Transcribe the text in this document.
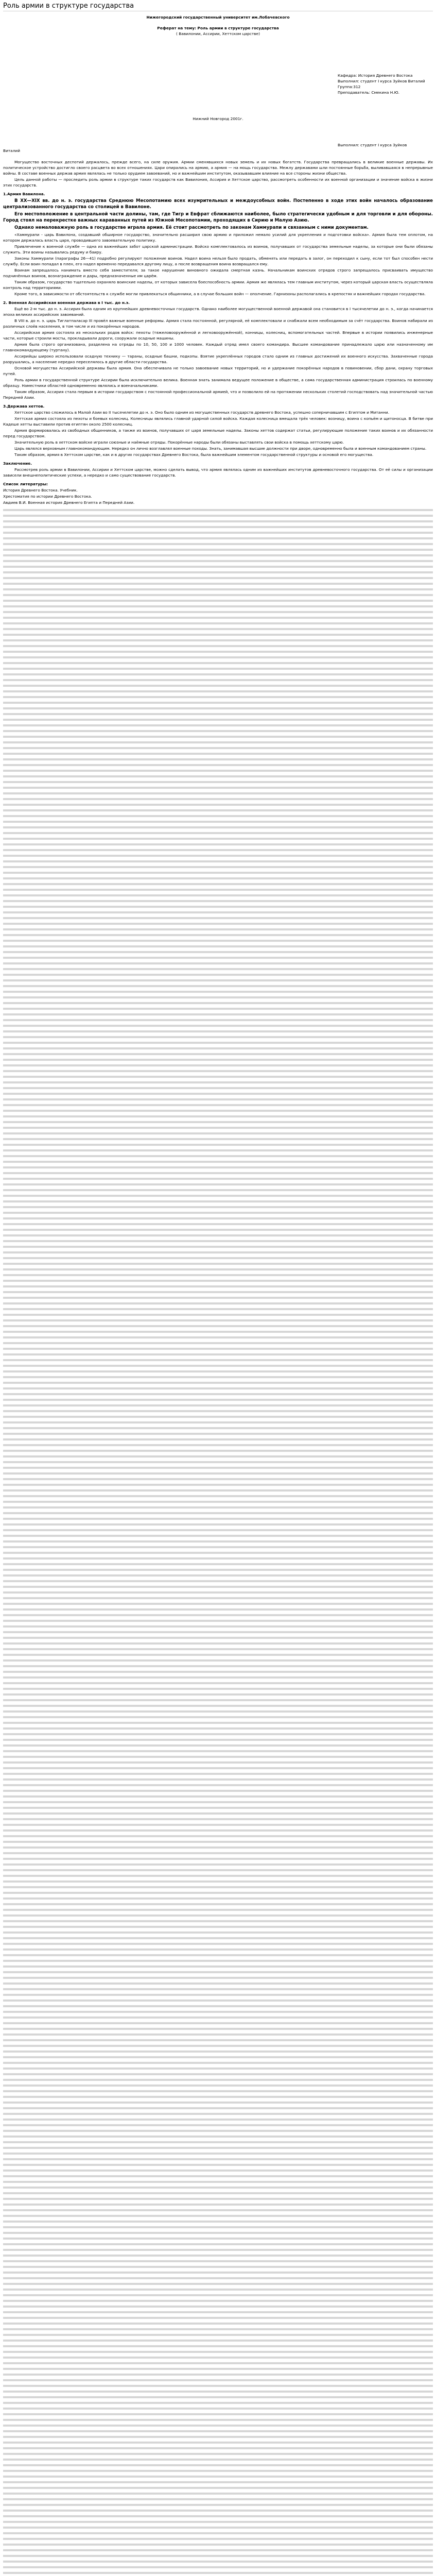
Роль армии в структуре государства
Нижегородский государственный университет им.Лобачевского
Реферат на тему: Роль армии в структуре государства
( Вавилонии, Ассирии, Хеттском царстве)
Кафедра: История Древнего Востока
Выполнил: студент I курса Зуйков Виталий
Группа:312
Преподаватель: Смекина Н.Ю.
Нижний Новгород 2001г.
Выполнил: студент I курса Зуйков
Виталий

Могущество восточных деспотий держалось, прежде всего, на силе оружия. Армии сменявшихся новых земель и их новых богатств. Государства превращались в великие военные державы. Их политическое устройство достигло своего расцвета во всех отношениях. Цари опирались на армию, а армия — на мощь государства. Межлу державами шли постоянные борьба, выливавшаяся в непрерывные войны. В составе военных держав армия являлась не только орудием завоеваний, но и важнейшим институтом, оказывавшим влияние на все стороны жизни общества.

Цель данной работы — проследить роль армии в структуре таких государств как Вавилония, Ассирия и Хеттское царство, рассмотреть особенности их военной организации и значение войска в жизни этих государств.

1.Армия Вавилона.

В XX—XIX вв. до н. э. государства Среднюю Месопотамию всех изумрительных и междоусобных войн. Постепенно в ходе этих войн началось образование централизованного государства со столицей в Вавилоне.

Его местоположение в центральной части долины, там, где Тигр и Евфрат сближаются наиболее, было стратегически удобным и для торговли и для обороны. Город стоял на перекрестке важных караванных путей из Южной Месопотамии, проходящих в Сирию и Малую Азию.

Однако немаловажную роль в государстве играла армия. Её стоит рассмотреть по законам Хаммурапи и связанным с ними документам.

«Хаммурапи - царь Вавилона, создавший обширное государство, значительно расширил свою армию и приложил немало усилий для укрепления и подготовки войска». Армия была тем оплотом, на котором держалась власть царя, проводившего завоевательную политику.

Привлечение к военной службе — одна из важнейших забот царской администрации. Войско комплектовалось из воинов, получавших от государства земельные наделы, за которые они были обязаны служить. Эти воины назывались редуму и баиру.

Законы Хаммурапи (параграфы 26—41) подробно регулируют положение воинов. Надел воина нельзя было продать, обменять или передать в залог, он переходил к сыну, если тот был способен нести службу. Если воин попадал в плен, его надел временно передавался другому лицу, а после возвращения воина возвращался ему.

Воинам запрещалось нанимать вместо себя заместителя; за такое нарушение виновного ожидала смертная казнь. Начальникам воинских отрядов строго запрещалось присваивать имущество подчинённых воинов, вознаграждение и дары, предназначенные им царём.

Таким образом, государство тщательно охраняло воинские наделы, от которых зависела боеспособность армии. Армия же являлась тем главным институтом, через который царская власть осуществляла контроль над территориями.

Кроме того, в зависимости от обстоятельств к службе могли привлекаться общинники, а в случае больших войн — ополчение. Гарнизоны располагались в крепостях и важнейших городах государства.

2. Военная Ассирийская военная держава в I тыс. до н.э.

Ещё во 2-м тыс. до н. э. Ассирия была одним из крупнейших древневосточных государств. Однако наиболее могущественной военной державой она становится в I тысячелетии до н. э., когда начинается эпоха великих ассирийских завоеваний.

В VIII в. до н. э. царь Тиглатпаласар III провёл важные военные реформы. Армия стала постоянной, регулярной, её комплектовали и снабжали всем необходимым за счёт государства. Воинов набирали из различных слоёв населения, в том числе и из покорённых народов.

Ассирийская армия состояла из нескольких родов войск: пехоты (тяжеловооружённой и легковооружённой), конницы, колесниц, вспомогательных частей. Впервые в истории появились инженерные части, которые строили мосты, прокладывали дороги, сооружали осадные машины.

Армия была строго организована, разделена на отряды по 10, 50, 100 и 1000 человек. Каждый отряд имел своего командира. Высшее командование принадлежало царю или назначенному им главнокомандующему (туртану).

Ассирийцы широко использовали осадную технику — тараны, осадные башни, подкопы. Взятие укреплённых городов стало одним из главных достижений их военного искусства. Захваченные города разрушались, а население нередко переселялось в другие области государства.

Основой могущества Ассирийской державы была армия. Она обеспечивала не только завоевание новых территорий, но и удержание покорённых народов в повиновении, сбор дани, охрану торговых путей.

Роль армии в государственной структуре Ассирии была исключительно велика. Военная знать занимала ведущее положение в обществе, а сама государственная администрация строилась по военному образцу. Наместники областей одновременно являлись и военачальниками.

Таким образом, Ассирия стала первым в истории государством с постоянной профессиональной армией, что и позволило ей на протяжении нескольких столетий господствовать над значительной частью Передней Азии.

3.Держава хеттов.

Хеттское царство сложилось в Малой Азии во II тысячелетии до н. э. Оно было одним из могущественных государств древнего Востока, успешно соперничавшим с Египтом и Митанни.

Хеттская армия состояла из пехоты и боевых колесниц. Колесницы являлись главной ударной силой войска. Каждая колесница вмещала трёх человек: возницу, воина с копьём и щитоносца. В битве при Кадеше хетты выставили против египтян около 2500 колесниц.

Армия формировалась из свободных общинников, а также из воинов, получавших от царя земельные наделы. Законы хеттов содержат статьи, регулирующие положение таких воинов и их обязанности перед государством.

Значительную роль в хеттском войске играли союзные и наёмные отряды. Покорённые народы были обязаны выставлять свои войска в помощь хеттскому царю.

Царь являлся верховным главнокомандующим. Нередко он лично возглавлял военные походы. Знать, занимавшая высшие должности при дворе, одновременно была и военным командованием страны.

Таким образом, армия в Хеттском царстве, как и в других государствах Древнего Востока, была важнейшим элементом государственной структуры и основой его могущества.

Заключение.

Рассмотрев роль армии в Вавилонии, Ассирии и Хеттском царстве, можно сделать вывод, что армия являлась одним из важнейших институтов древневосточного государства. От её силы и организации зависели внешнеполитические успехи, а нередко и само существование государств.

Список литературы:

История Древнего Востока. Учебник.

Хрестоматия по истории Древнего Востока.

Авдиев В.И. Военная история Древнего Египта и Передней Азии.
